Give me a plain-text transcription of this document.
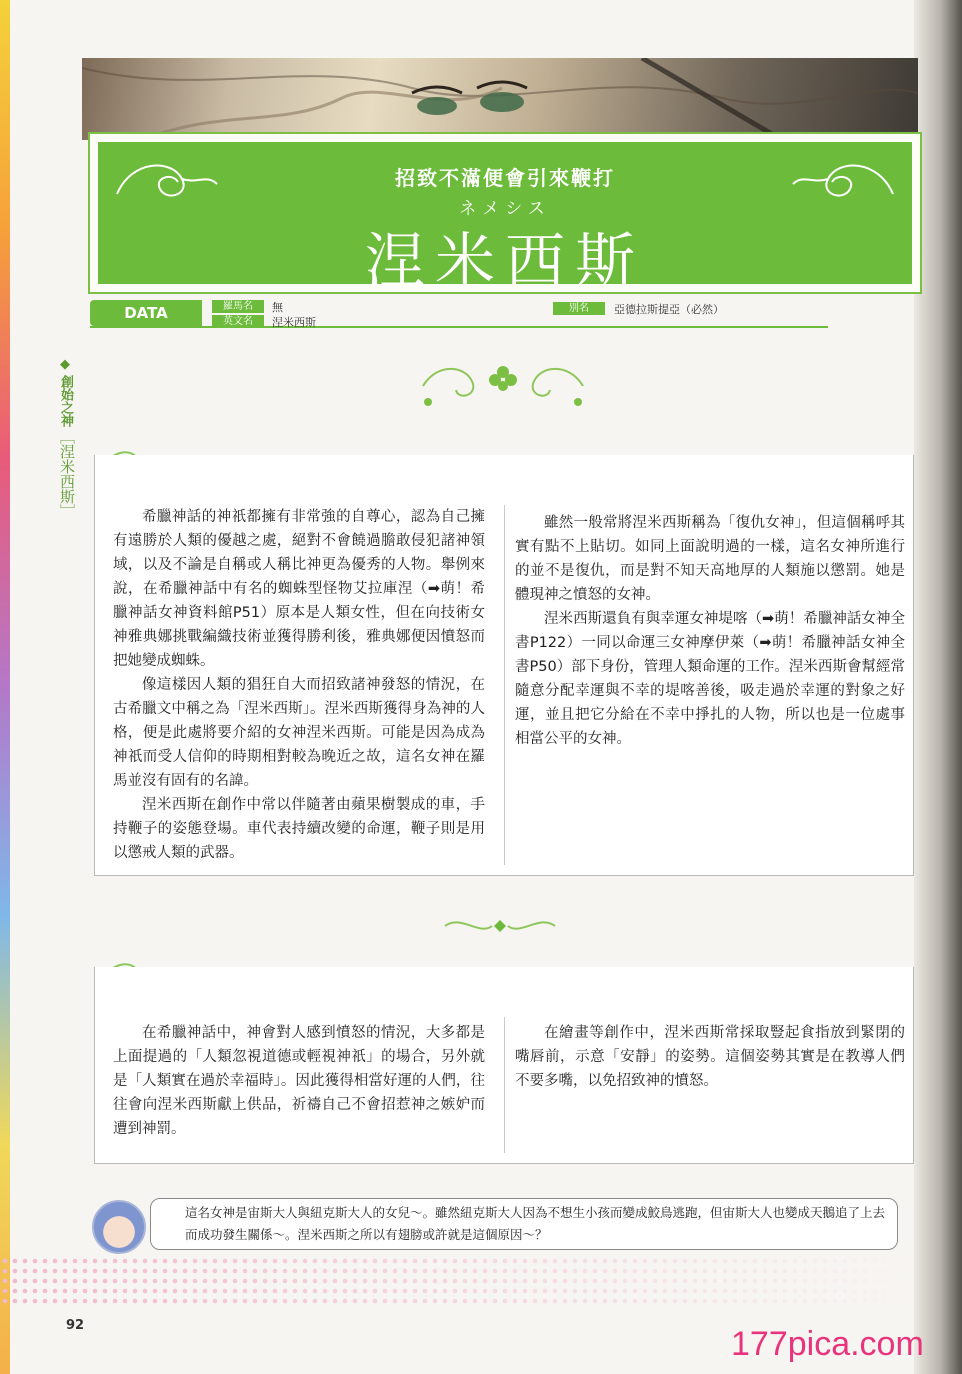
招致不滿便會引來鞭打
ネメシス
涅米西斯
DATA	羅馬名	無
英文名	涅米西斯
別名	亞德拉斯提亞（必然）
◆
創始之神
［
涅米西斯
］	希臘神話的神祇都擁有非常強的自尊心，認為自己擁有遠勝於人類的優越之處，絕對不會饒過膽敢侵犯諸神領域，以及不論是自稱或人稱比神更為優秀的人物。舉例來說，在希臘神話中有名的蜘蛛型怪物艾拉庫涅（➡萌！希臘神話女神資料館P51）原本是人類女性，但在向技術女神雅典娜挑戰編織技術並獲得勝利後，雅典娜便因憤怒而把她變成蜘蛛。

像這樣因人類的猖狂自大而招致諸神發怒的情況，在古希臘文中稱之為「涅米西斯」。涅米西斯獲得身為神的人格，便是此處將要介紹的女神涅米西斯。可能是因為成為神祇而受人信仰的時期相對較為晚近之故，這名女神在羅馬並沒有固有的名諱。

涅米西斯在創作中常以伴隨著由蘋果樹製成的車，手持鞭子的姿態登場。車代表持續改變的命運，鞭子則是用以懲戒人類的武器。

雖然一般常將涅米西斯稱為「復仇女神」，但這個稱呼其實有點不上貼切。如同上面說明過的一樣，這名女神所進行的並不是復仇，而是對不知天高地厚的人類施以懲罰。她是體現神之憤怒的女神。

涅米西斯還負有與幸運女神堤喀（➡萌！希臘神話女神全書P122）一同以命運三女神摩伊萊（➡萌！希臘神話女神全書P50）部下身份，管理人類命運的工作。涅米西斯會幫經常隨意分配幸運與不幸的堤喀善後，吸走過於幸運的對象之好運，並且把它分給在不幸中掙扎的人物，所以也是一位處事相當公平的女神。

在希臘神話中，神會對人感到憤怒的情況，大多都是上面提過的「人類忽視道德或輕視神祇」的場合，另外就是「人類實在過於幸福時」。因此獲得相當好運的人們，往往會向涅米西斯獻上供品，祈禱自己不會招惹神之嫉妒而遭到神罰。

在繪畫等創作中，涅米西斯常採取豎起食指放到緊閉的嘴唇前，示意「安靜」的姿勢。這個姿勢其實是在教導人們不要多嘴，以免招致神的憤怒。

這名女神是宙斯大人與紐克斯大人的女兒～。雖然紐克斯大人因為不想生小孩而變成鮫鳥逃跑，但宙斯大人也變成天鵝追了上去而成功發生關係～。涅米西斯之所以有翅膀或許就是這個原因～？
92	177pica.com
